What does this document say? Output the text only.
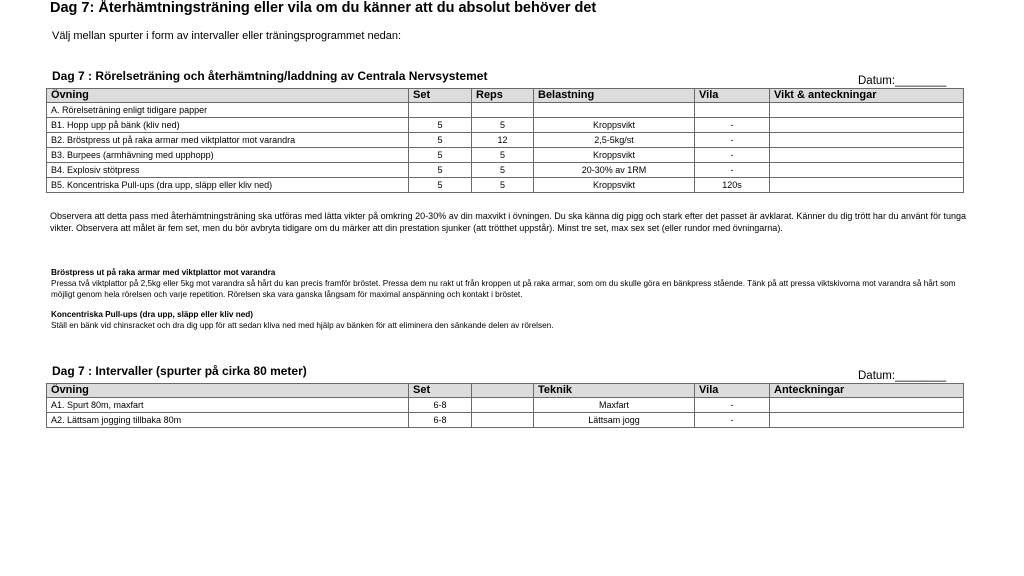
Dag 7: Återhämtningsträning eller vila om du känner att du absolut behöver det
Välj mellan spurter i form av intervaller eller träningsprogrammet nedan:
Dag 7 : Rörelseträning och återhämtning/laddning av Centrala Nervsystemet	Datum:________
Övning	Set	Reps	Belastning	Vila	Vikt & anteckningar
A. Rörelseträning enligt tidigare papper					
B1. Hopp upp på bänk (kliv ned)	5	5	Kroppsvikt	-	
B2. Bröstpress ut på raka armar med viktplattor mot varandra	5	12	2,5-5kg/st	-	
B3. Burpees (armhävning med upphopp)	5	5	Kroppsvikt	-	
B4. Explosiv stötpress	5	5	20-30% av 1RM	-	
B5. Koncentriska Pull-ups (dra upp, släpp eller kliv ned)	5	5	Kroppsvikt	120s	
Observera att detta pass med återhämtningsträning ska utföras med lätta vikter på omkring 20-30% av din maxvikt i övningen. Du ska känna dig pigg och stark efter det passet är avklarat. Känner du dig trött har du använt för tunga vikter. Observera att målet är fem set, men du bör avbryta tidigare om du märker att din prestation sjunker (att trötthet uppstår). Minst tre set, max sex set (eller rundor med övningarna).
Bröstpress ut på raka armar med viktplattor mot varandra
Pressa två viktplattor på 2,5kg eller 5kg mot varandra så hårt du kan precis framför bröstet. Pressa dem nu rakt ut från kroppen ut på raka armar, som om du skulle göra en bänkpress stående. Tänk på att pressa viktskivorna mot varandra så hårt som möjligt genom hela rörelsen och varje repetition. Rörelsen ska vara ganska långsam för maximal anspänning och kontakt i bröstet.
Koncentriska Pull-ups (dra upp, släpp eller kliv ned)
Ställ en bänk vid chinsracket och dra dig upp för att sedan kliva ned med hjälp av bänken för att eliminera den sänkande delen av rörelsen.
Dag 7 : Intervaller (spurter på cirka 80 meter)	Datum:________
Övning	Set		Teknik	Vila	Anteckningar
A1. Spurt 80m, maxfart	6-8		Maxfart	-	
A2. Lättsam jogging tillbaka 80m	6-8		Lättsam jogg	-	
